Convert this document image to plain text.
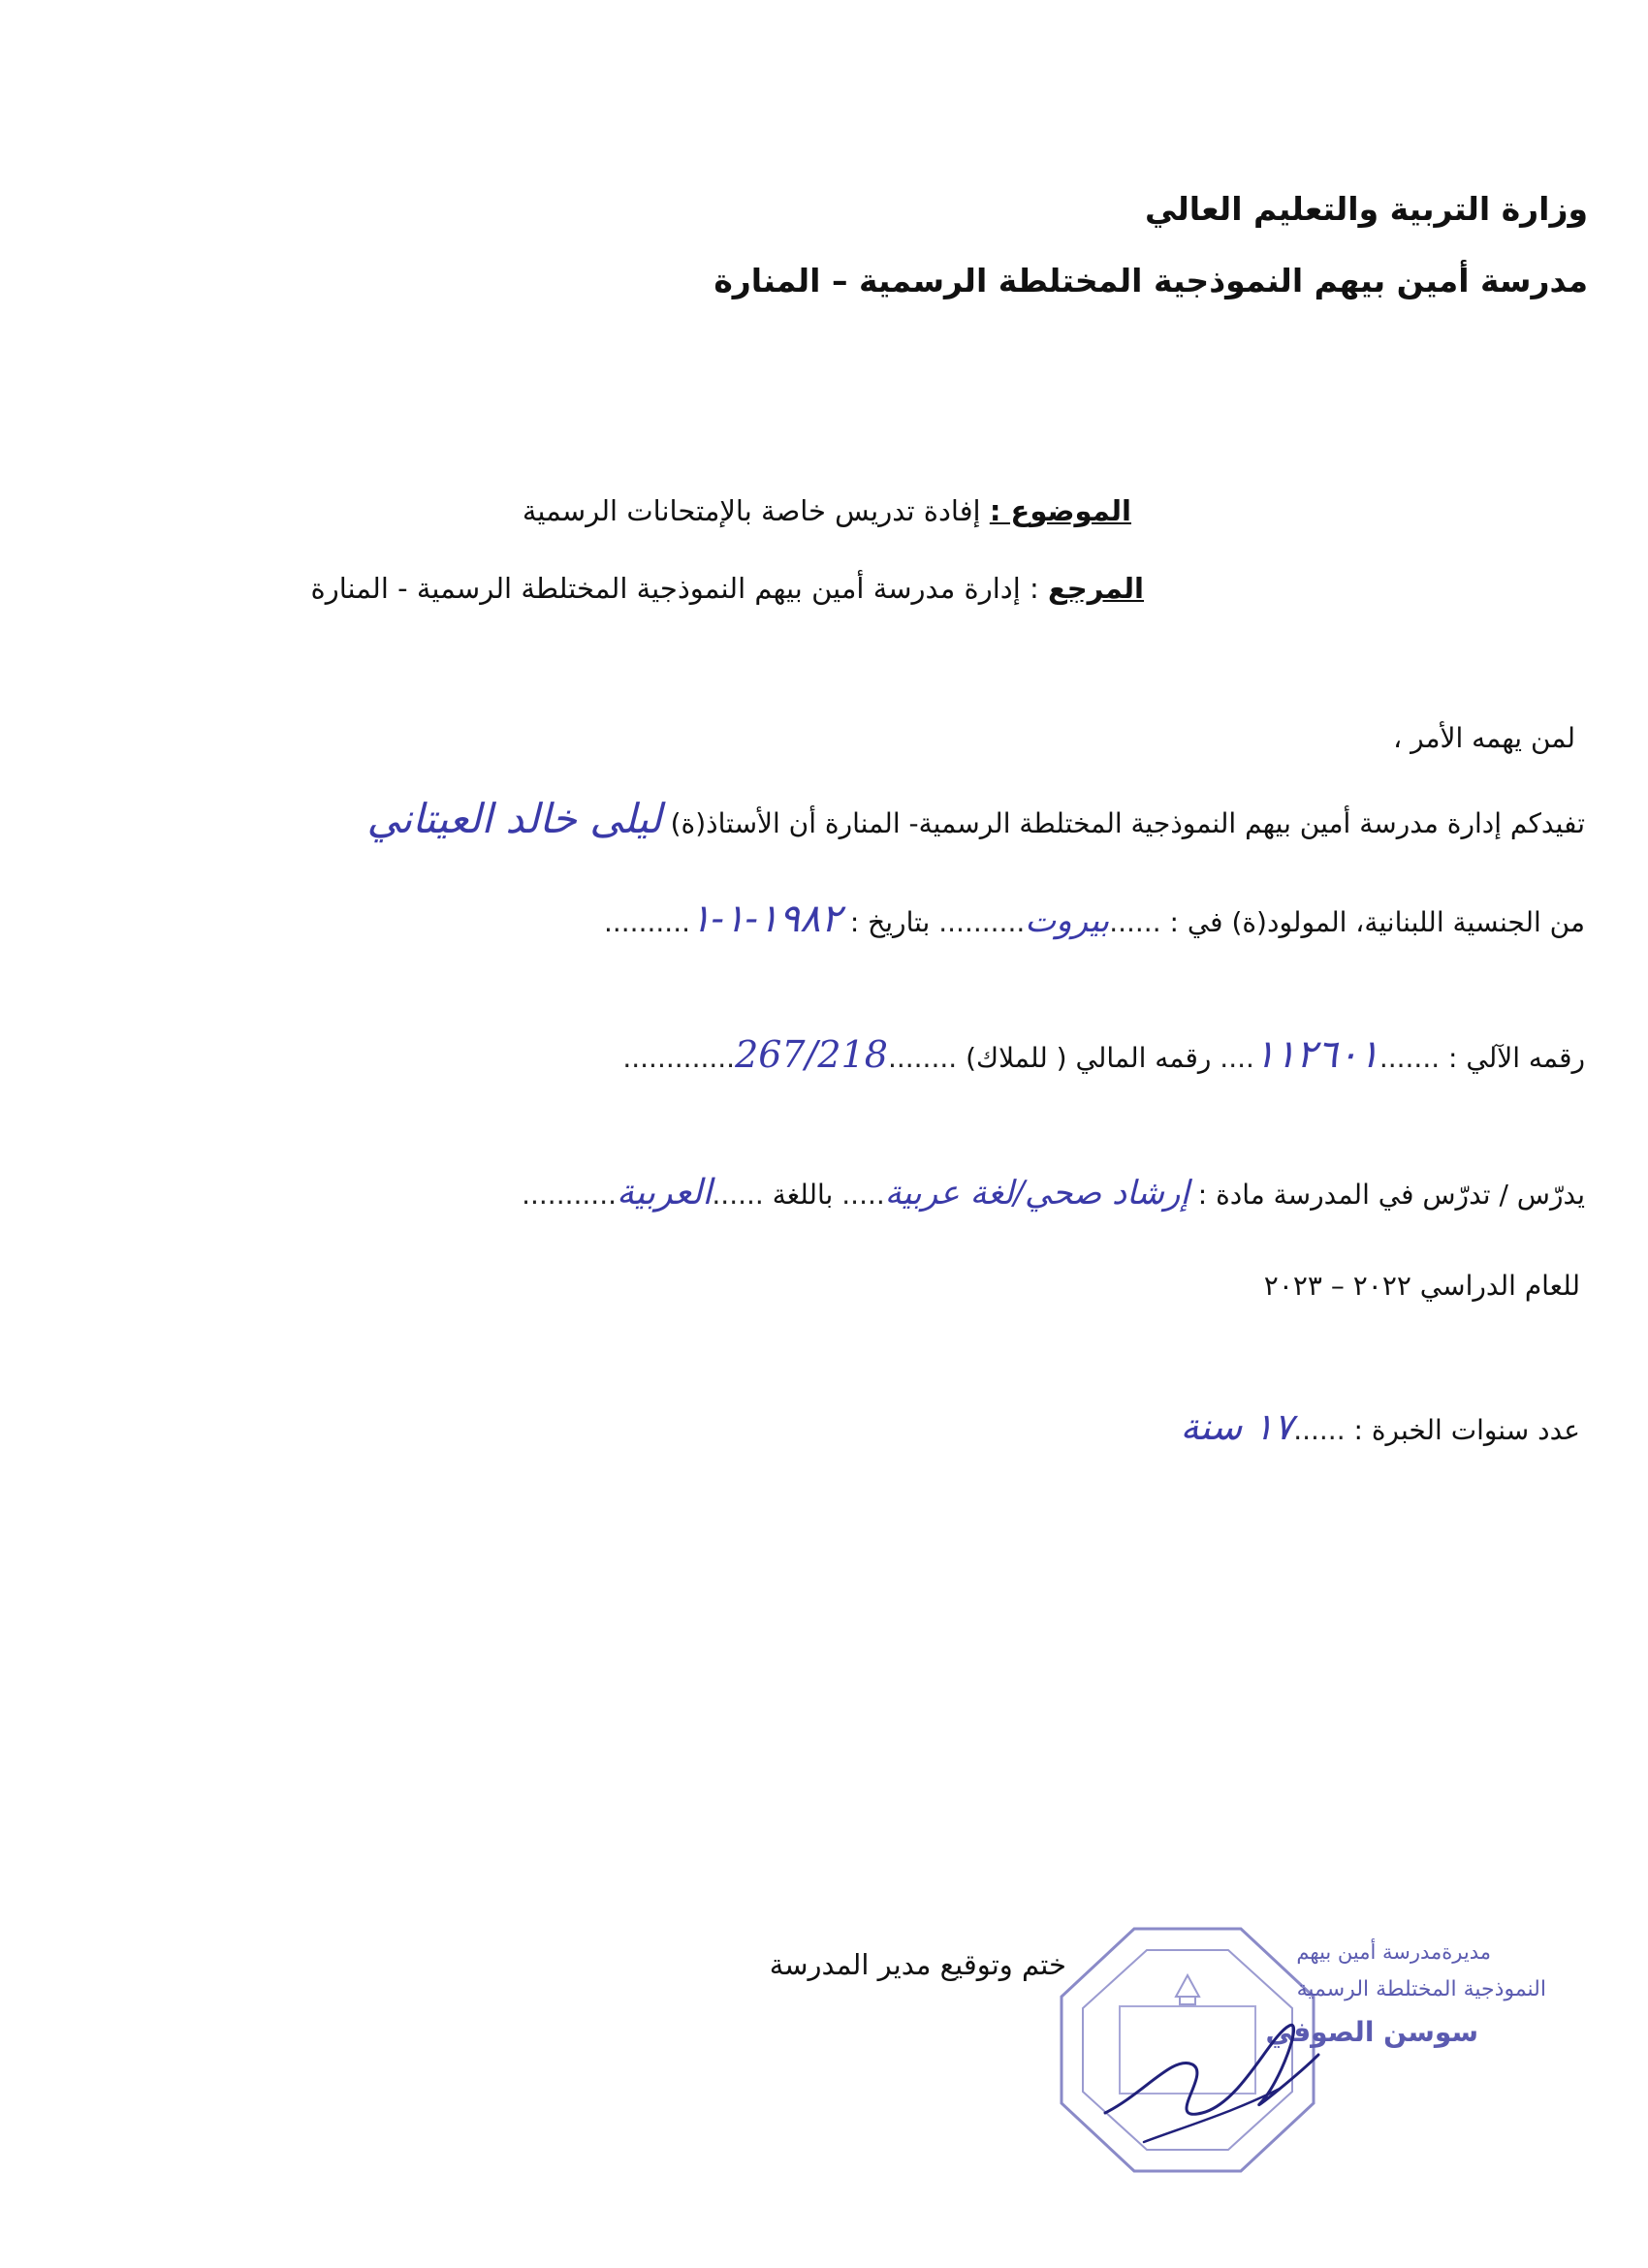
وزارة التربية والتعليم العالي
مدرسة أمين بيهم النموذجية المختلطة الرسمية – المنارة
الموضوع : إفادة تدريس خاصة بالإمتحانات الرسمية
المرجع : إدارة مدرسة أمين بيهم النموذجية المختلطة الرسمية - المنارة
لمن يهمه الأمر ،
تفيدكم إدارة مدرسة أمين بيهم النموذجية المختلطة الرسمية- المنارة أن الأستاذ(ة) ليلى خالد العيتاني
من الجنسية اللبنانية، المولود(ة) في : ......بيروت.......... بتاريخ : ١٩٨٢-١-١..........
رقمه الآلي : .......١١٢٦٠١.... رقمه المالي ( للملاك) ........267/218.............
يدرّس / تدرّس في المدرسة مادة : إرشاد صحي/لغة عربية..... باللغة ......العربية...........
للعام الدراسي ٢٠٢٢ – ٢٠٢٣
عدد سنوات الخبرة : ......١٧ سنة
ختم وتوقيع مدير المدرسة	مديرةمدرسة أمين بيهم
النموذجية المختلطة الرسمية
سوسن الصوفي
